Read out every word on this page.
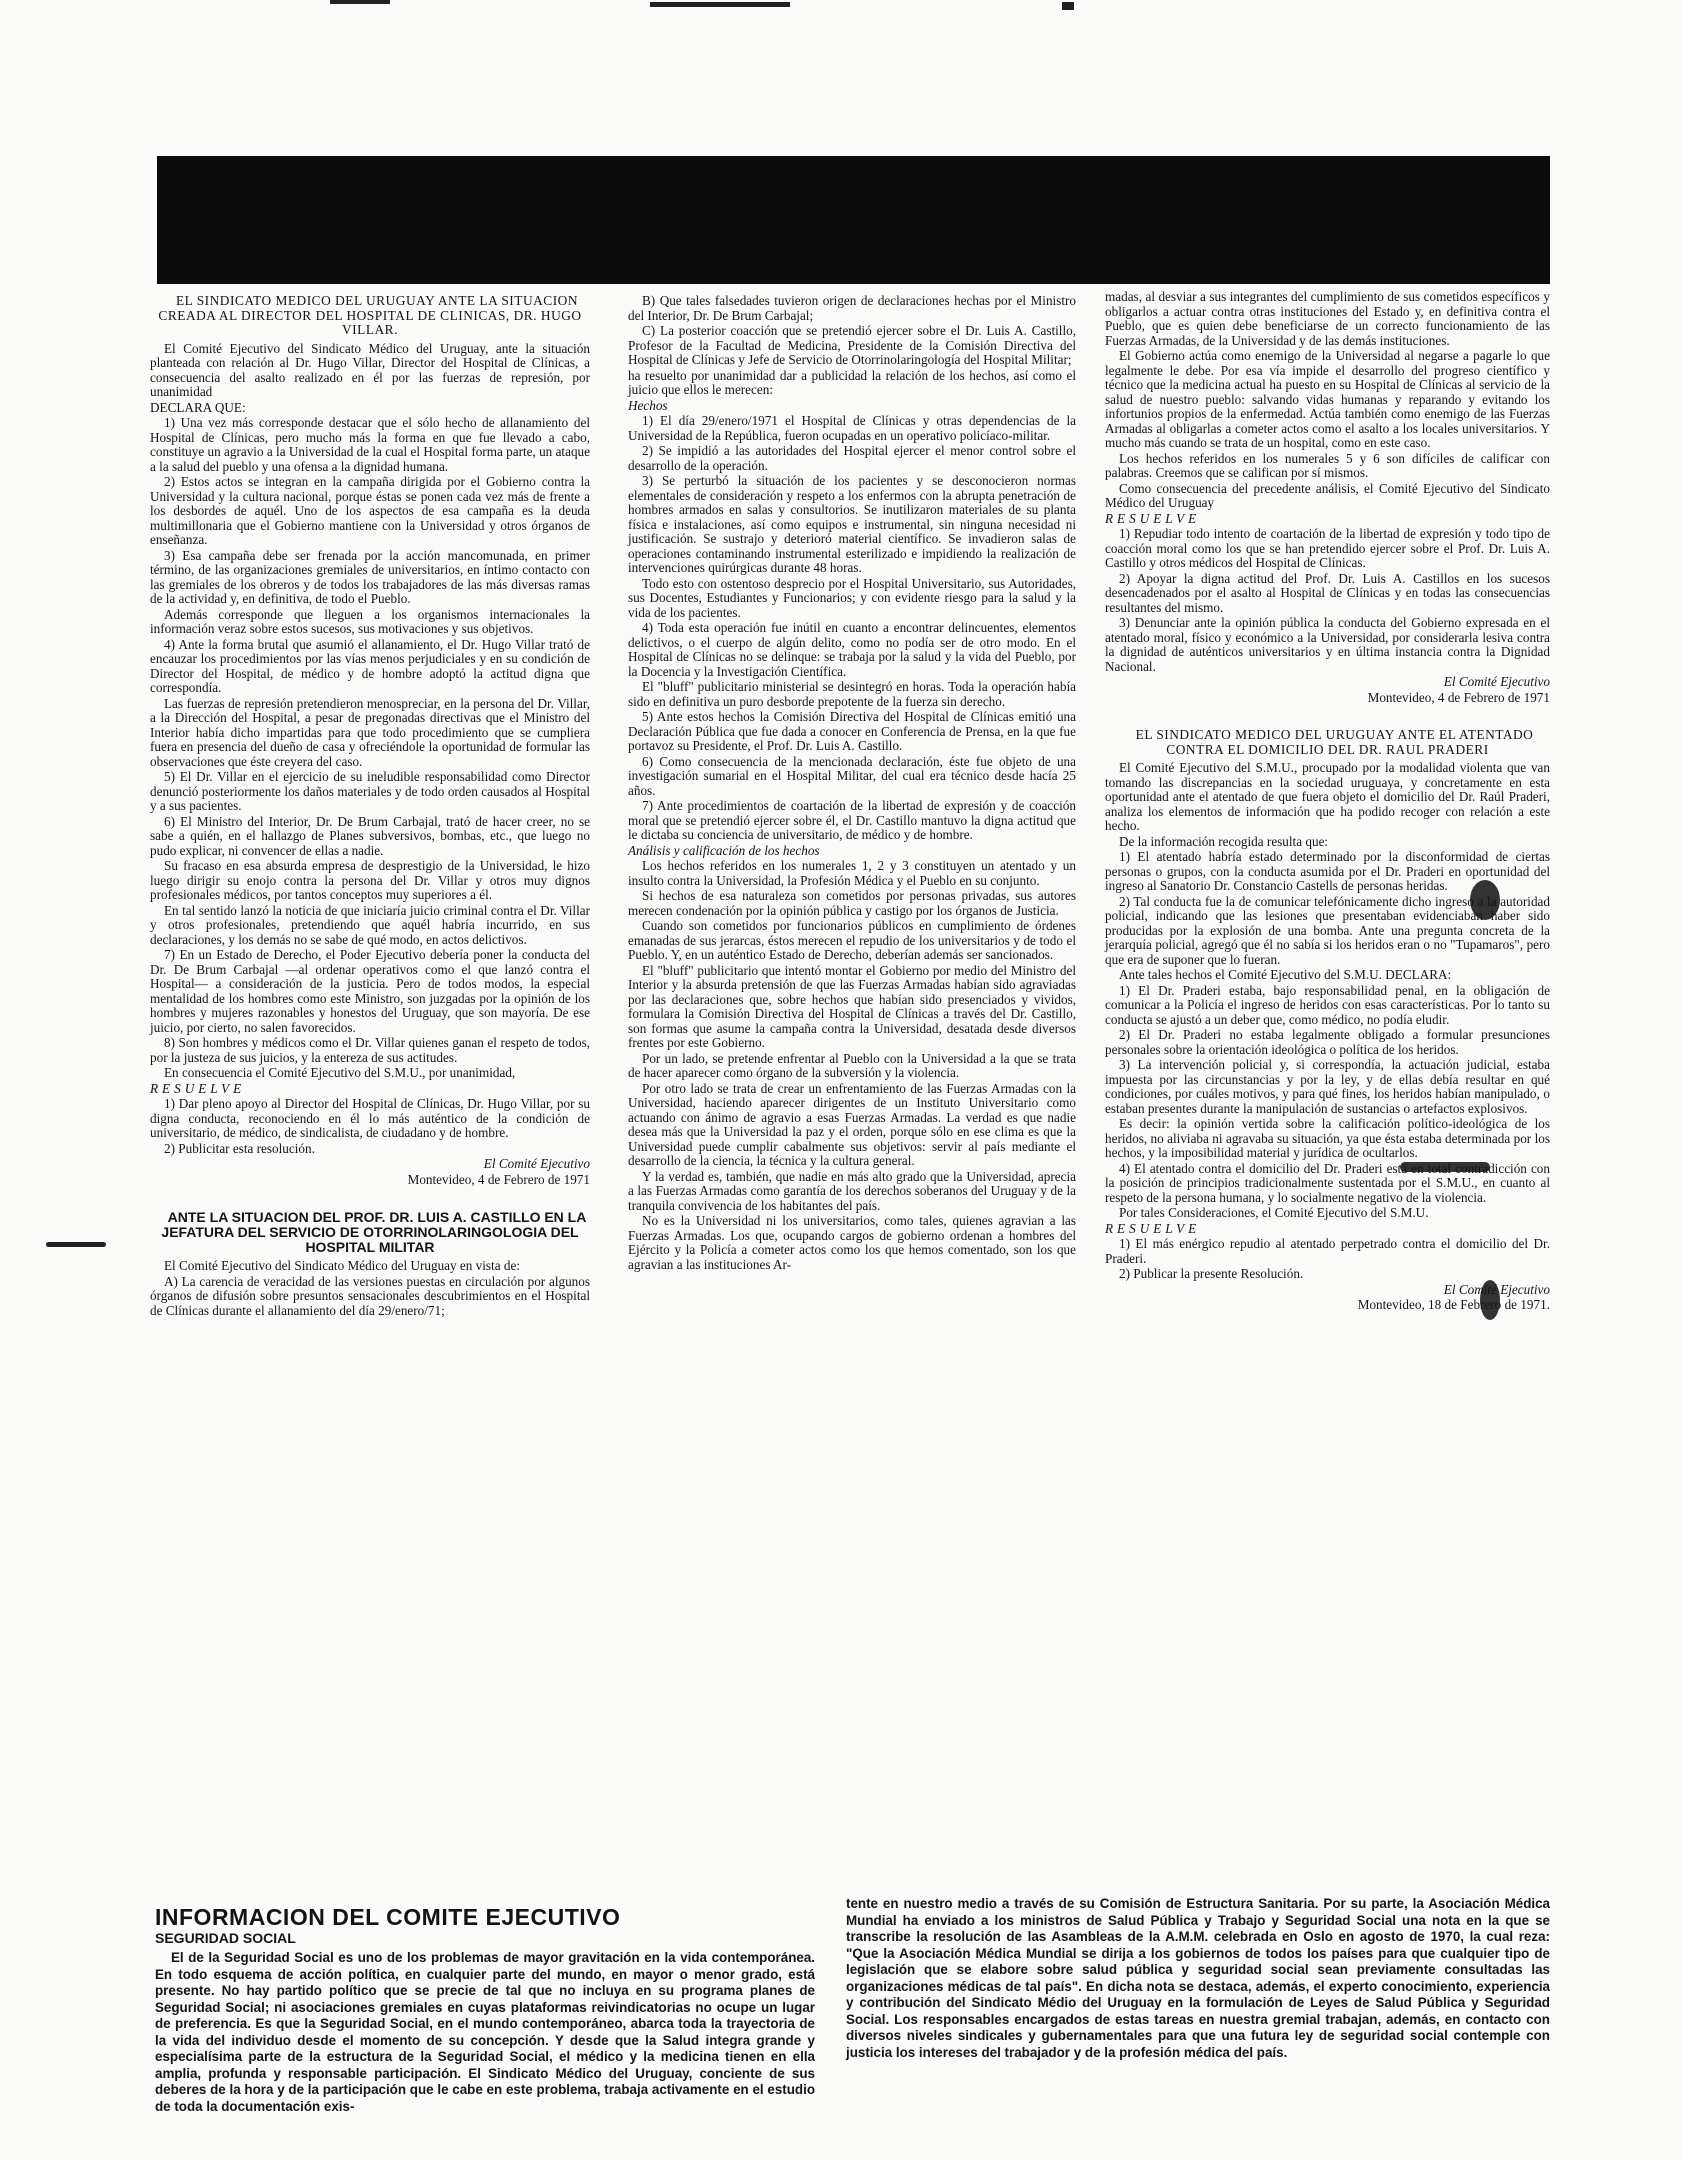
EL SINDICATO MEDICO DEL URUGUAY ANTE LA SITUACION CREADA AL DIRECTOR DEL HOSPITAL DE CLINICAS, DR. HUGO VILLAR.

El Comité Ejecutivo del Sindicato Médico del Uruguay, ante la situación planteada con relación al Dr. Hugo Villar, Director del Hospital de Clínicas, a consecuencia del asalto realizado en él por las fuerzas de represión, por unanimidad

DECLARA QUE:

1) Una vez más corresponde destacar que el sólo hecho de allanamiento del Hospital de Clínicas, pero mucho más la forma en que fue llevado a cabo, constituye un agravio a la Universidad de la cual el Hospital forma parte, un ataque a la salud del pueblo y una ofensa a la dignidad humana.

2) Estos actos se integran en la campaña dirigida por el Gobierno contra la Universidad y la cultura nacional, porque éstas se ponen cada vez más de frente a los desbordes de aquél. Uno de los aspectos de esa campaña es la deuda multimillonaria que el Gobierno mantiene con la Universidad y otros órganos de enseñanza.

3) Esa campaña debe ser frenada por la acción mancomunada, en primer término, de las organizaciones gremiales de universitarios, en íntimo contacto con las gremiales de los obreros y de todos los trabajadores de las más diversas ramas de la actividad y, en definitiva, de todo el Pueblo.

Además corresponde que lleguen a los organismos internacionales la información veraz sobre estos sucesos, sus motivaciones y sus objetivos.

4) Ante la forma brutal que asumió el allanamiento, el Dr. Hugo Villar trató de encauzar los procedimientos por las vías menos perjudiciales y en su condición de Director del Hospital, de médico y de hombre adoptó la actitud digna que correspondía.

Las fuerzas de represión pretendieron menospreciar, en la persona del Dr. Villar, a la Dirección del Hospital, a pesar de pregonadas directivas que el Ministro del Interior había dicho impartidas para que todo procedimiento que se cumpliera fuera en presencia del dueño de casa y ofreciéndole la oportunidad de formular las observaciones que éste creyera del caso.

5) El Dr. Villar en el ejercicio de su ineludible responsabilidad como Director denunció posteriormente los daños materiales y de todo orden causados al Hospital y a sus pacientes.

6) El Ministro del Interior, Dr. De Brum Carbajal, trató de hacer creer, no se sabe a quién, en el hallazgo de Planes subversivos, bombas, etc., que luego no pudo explicar, ni convencer de ellas a nadie.

Su fracaso en esa absurda empresa de desprestigio de la Universidad, le hizo luego dirigir su enojo contra la persona del Dr. Villar y otros muy dignos profesionales médicos, por tantos conceptos muy superiores a él.

En tal sentido lanzó la noticia de que iniciaría juicio criminal contra el Dr. Villar y otros profesionales, pretendiendo que aquél habría incurrido, en sus declaraciones, y los demás no se sabe de qué modo, en actos delictivos.

7) En un Estado de Derecho, el Poder Ejecutivo debería poner la conducta del Dr. De Brum Carbajal —al ordenar operativos como el que lanzó contra el Hospital— a consideración de la justicia. Pero de todos modos, la especial mentalidad de los hombres como este Ministro, son juzgadas por la opinión de los hombres y mujeres razonables y honestos del Uruguay, que son mayoría. De ese juicio, por cierto, no salen favorecidos.

8) Son hombres y médicos como el Dr. Villar quienes ganan el respeto de todos, por la justeza de sus juicios, y la entereza de sus actitudes.

En consecuencia el Comité Ejecutivo del S.M.U., por unanimidad,

RESUELVE

1) Dar pleno apoyo al Director del Hospital de Clínicas, Dr. Hugo Villar, por su digna conducta, reconociendo en él lo más auténtico de la condición de universitario, de médico, de sindicalista, de ciudadano y de hombre.

2) Publicitar esta resolución.

El Comité Ejecutivo

Montevideo, 4 de Febrero de 1971

ANTE LA SITUACION DEL PROF. DR. LUIS A. CASTILLO EN LA JEFATURA DEL SERVICIO DE OTORRINOLARINGOLOGIA DEL HOSPITAL MILITAR

El Comité Ejecutivo del Sindicato Médico del Uruguay en vista de:

A) La carencia de veracidad de las versiones puestas en circulación por algunos órganos de difusión sobre presuntos sensacionales descubrimientos en el Hospital de Clínicas durante el allanamiento del día 29/enero/71;

B) Que tales falsedades tuvieron origen de declaraciones hechas por el Ministro del Interior, Dr. De Brum Carbajal;

C) La posterior coacción que se pretendió ejercer sobre el Dr. Luis A. Castillo, Profesor de la Facultad de Medicina, Presidente de la Comisión Directiva del Hospital de Clínicas y Jefe de Servicio de Otorrinolaringología del Hospital Militar;

ha resuelto por unanimidad dar a publicidad la relación de los hechos, así como el juicio que ellos le merecen:

Hechos

1) El día 29/enero/1971 el Hospital de Clínicas y otras dependencias de la Universidad de la República, fueron ocupadas en un operativo policíaco-militar.

2) Se impidió a las autoridades del Hospital ejercer el menor control sobre el desarrollo de la operación.

3) Se perturbó la situación de los pacientes y se desconocieron normas elementales de consideración y respeto a los enfermos con la abrupta penetración de hombres armados en salas y consultorios. Se inutilizaron materiales de su planta física e instalaciones, así como equipos e instrumental, sin ninguna necesidad ni justificación. Se sustrajo y deterioró material científico. Se invadieron salas de operaciones contaminando instrumental esterilizado e impidiendo la realización de intervenciones quirúrgicas durante 48 horas.

Todo esto con ostentoso desprecio por el Hospital Universitario, sus Autoridades, sus Docentes, Estudiantes y Funcionarios; y con evidente riesgo para la salud y la vida de los pacientes.

4) Toda esta operación fue inútil en cuanto a encontrar delincuentes, elementos delictivos, o el cuerpo de algún delito, como no podía ser de otro modo. En el Hospital de Clínicas no se delinque: se trabaja por la salud y la vida del Pueblo, por la Docencia y la Investigación Científica.

El "bluff" publicitario ministerial se desintegró en horas. Toda la operación había sido en definitiva un puro desborde prepotente de la fuerza sin derecho.

5) Ante estos hechos la Comisión Directiva del Hospital de Clínicas emitió una Declaración Pública que fue dada a conocer en Conferencia de Prensa, en la que fue portavoz su Presidente, el Prof. Dr. Luis A. Castillo.

6) Como consecuencia de la mencionada declaración, éste fue objeto de una investigación sumarial en el Hospital Militar, del cual era técnico desde hacía 25 años.

7) Ante procedimientos de coartación de la libertad de expresión y de coacción moral que se pretendió ejercer sobre él, el Dr. Castillo mantuvo la digna actitud que le dictaba su conciencia de universitario, de médico y de hombre.

Análisis y calificación de los hechos

Los hechos referidos en los numerales 1, 2 y 3 constituyen un atentado y un insulto contra la Universidad, la Profesión Médica y el Pueblo en su conjunto.

Si hechos de esa naturaleza son cometidos por personas privadas, sus autores merecen condenación por la opinión pública y castigo por los órganos de Justicia.

Cuando son cometidos por funcionarios públicos en cumplimiento de órdenes emanadas de sus jerarcas, éstos merecen el repudio de los universitarios y de todo el Pueblo. Y, en un auténtico Estado de Derecho, deberían además ser sancionados.

El "bluff" publicitario que intentó montar el Gobierno por medio del Ministro del Interior y la absurda pretensión de que las Fuerzas Armadas habían sido agraviadas por las declaraciones que, sobre hechos que habían sido presenciados y vividos, formulara la Comisión Directiva del Hospital de Clínicas a través del Dr. Castillo, son formas que asume la campaña contra la Universidad, desatada desde diversos frentes por este Gobierno.

Por un lado, se pretende enfrentar al Pueblo con la Universidad a la que se trata de hacer aparecer como órgano de la subversión y la violencia.

Por otro lado se trata de crear un enfrentamiento de las Fuerzas Armadas con la Universidad, haciendo aparecer dirigentes de un Instituto Universitario como actuando con ánimo de agravio a esas Fuerzas Armadas. La verdad es que nadie desea más que la Universidad la paz y el orden, porque sólo en ese clima es que la Universidad puede cumplir cabalmente sus objetivos: servir al país mediante el desarrollo de la ciencia, la técnica y la cultura general.

Y la verdad es, también, que nadie en más alto grado que la Universidad, aprecia a las Fuerzas Armadas como garantía de los derechos soberanos del Uruguay y de la tranquila convivencia de los habitantes del país.

No es la Universidad ni los universitarios, como tales, quienes agravian a las Fuerzas Armadas. Los que, ocupando cargos de gobierno ordenan a hombres del Ejército y la Policía a cometer actos como los que hemos comentado, son los que agravian a las instituciones Ar-

madas, al desviar a sus integrantes del cumplimiento de sus cometidos específicos y obligarlos a actuar contra otras instituciones del Estado y, en definitiva contra el Pueblo, que es quien debe beneficiarse de un correcto funcionamiento de las Fuerzas Armadas, de la Universidad y de las demás instituciones.

El Gobierno actúa como enemigo de la Universidad al negarse a pagarle lo que legalmente le debe. Por esa vía impide el desarrollo del progreso científico y técnico que la medicina actual ha puesto en su Hospital de Clínicas al servicio de la salud de nuestro pueblo: salvando vidas humanas y reparando y evitando los infortunios propios de la enfermedad. Actúa también como enemigo de las Fuerzas Armadas al obligarlas a cometer actos como el asalto a los locales universitarios. Y mucho más cuando se trata de un hospital, como en este caso.

Los hechos referidos en los numerales 5 y 6 son difíciles de calificar con palabras. Creemos que se califican por sí mismos.

Como consecuencia del precedente análisis, el Comité Ejecutivo del Sindicato Médico del Uruguay

RESUELVE

1) Repudiar todo intento de coartación de la libertad de expresión y todo tipo de coacción moral como los que se han pretendido ejercer sobre el Prof. Dr. Luis A. Castillo y otros médicos del Hospital de Clínicas.

2) Apoyar la digna actitud del Prof. Dr. Luis A. Castillos en los sucesos desencadenados por el asalto al Hospital de Clínicas y en todas las consecuencias resultantes del mismo.

3) Denunciar ante la opinión pública la conducta del Gobierno expresada en el atentado moral, físico y económico a la Universidad, por considerarla lesiva contra la dignidad de auténticos universitarios y en última instancia contra la Dignidad Nacional.

El Comité Ejecutivo

Montevideo, 4 de Febrero de 1971

EL SINDICATO MEDICO DEL URUGUAY ANTE EL ATENTADO CONTRA EL DOMICILIO DEL DR. RAUL PRADERI

El Comité Ejecutivo del S.M.U., procupado por la modalidad violenta que van tomando las discrepancias en la sociedad uruguaya, y concretamente en esta oportunidad ante el atentado de que fuera objeto el domicilio del Dr. Raúl Praderi, analiza los elementos de información que ha podido recoger con relación a este hecho.

De la información recogida resulta que:

1) El atentado habría estado determinado por la disconformidad de ciertas personas o grupos, con la conducta asumida por el Dr. Praderi en oportunidad del ingreso al Sanatorio Dr. Constancio Castells de personas heridas.

2) Tal conducta fue la de comunicar telefónicamente dicho ingreso a la autoridad policial, indicando que las lesiones que presentaban evidenciaban haber sido producidas por la explosión de una bomba. Ante una pregunta concreta de la jerarquía policial, agregó que él no sabía si los heridos eran o no "Tupamaros", pero que era de suponer que lo fueran.

Ante tales hechos el Comité Ejecutivo del S.M.U. DECLARA:

1) El Dr. Praderi estaba, bajo responsabilidad penal, en la obligación de comunicar a la Policía el ingreso de heridos con esas características. Por lo tanto su conducta se ajustó a un deber que, como médico, no podía eludir.

2) El Dr. Praderi no estaba legalmente obligado a formular presunciones personales sobre la orientación ideológica o política de los heridos.

3) La intervención policial y, si correspondía, la actuación judicial, estaba impuesta por las circunstancias y por la ley, y de ellas debía resultar en qué condiciones, por cuáles motivos, y para qué fines, los heridos habían manipulado, o estaban presentes durante la manipulación de sustancias o artefactos explosivos.

Es decir: la opinión vertida sobre la calificación político-ideológica de los heridos, no aliviaba ni agravaba su situación, ya que ésta estaba determinada por los hechos, y la imposibilidad material y jurídica de ocultarlos.

4) El atentado contra el domicilio del Dr. Praderi está en total contradicción con la posición de principios tradicionalmente sustentada por el S.M.U., en cuanto al respeto de la persona humana, y lo socialmente negativo de la violencia.

Por tales Consideraciones, el Comité Ejecutivo del S.M.U.

RESUELVE

1) El más enérgico repudio al atentado perpetrado contra el domicilio del Dr. Praderi.

2) Publicar la presente Resolución.

El Comité Ejecutivo

Montevideo, 18 de Febrero de 1971.

INFORMACION DEL COMITE EJECUTIVO
SEGURIDAD SOCIAL

El de la Seguridad Social es uno de los problemas de mayor gravitación en la vida contemporánea. En todo esquema de acción política, en cualquier parte del mundo, en mayor o menor grado, está presente. No hay partido político que se precie de tal que no incluya en su programa planes de Seguridad Social; ni asociaciones gremiales en cuyas plataformas reivindicatorias no ocupe un lugar de preferencia. Es que la Seguridad Social, en el mundo contemporáneo, abarca toda la trayectoria de la vida del individuo desde el momento de su concepción. Y desde que la Salud integra grande y especialísima parte de la estructura de la Seguridad Social, el médico y la medicina tienen en ella amplia, profunda y responsable participación. El Sindicato Médico del Uruguay, conciente de sus deberes de la hora y de la participación que le cabe en este problema, trabaja activamente en el estudio de toda la documentación exis-

tente en nuestro medio a través de su Comisión de Estructura Sanitaria. Por su parte, la Asociación Médica Mundial ha enviado a los ministros de Salud Pública y Trabajo y Seguridad Social una nota en la que se transcribe la resolución de las Asambleas de la A.M.M. celebrada en Oslo en agosto de 1970, la cual reza: "Que la Asociación Médica Mundial se dirija a los gobiernos de todos los países para que cualquier tipo de legislación que se elabore sobre salud pública y seguridad social sean previamente consultadas las organizaciones médicas de tal país". En dicha nota se destaca, además, el experto conocimiento, experiencia y contribución del Sindicato Médio del Uruguay en la formulación de Leyes de Salud Pública y Seguridad Social. Los responsables encargados de estas tareas en nuestra gremial trabajan, además, en contacto con diversos niveles sindicales y gubernamentales para que una futura ley de seguridad social contemple con justicia los intereses del trabajador y de la profesión médica del país.
